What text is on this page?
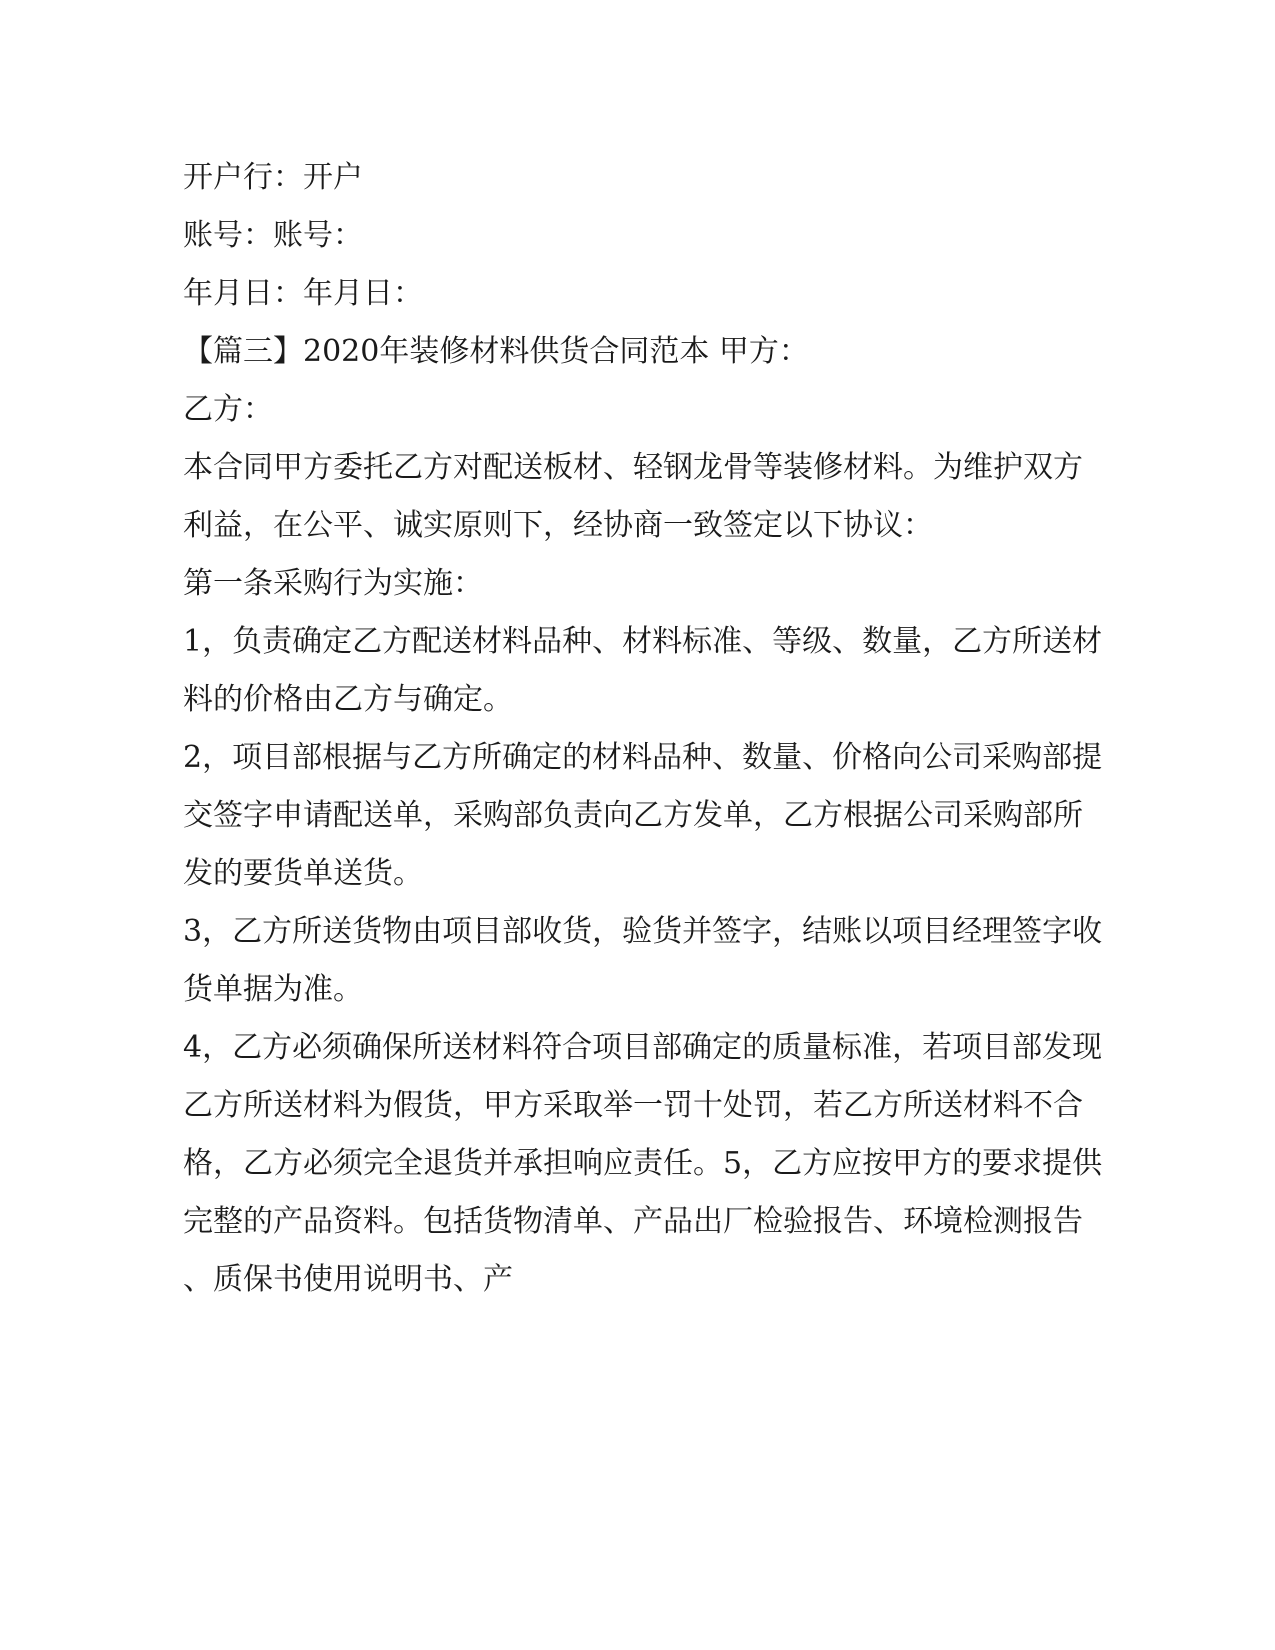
开户行：开户

账号：账号：

年月日：年月日：

【篇三】2020年装修材料供货合同范本 甲方：

乙方：

本合同甲方委托乙方对配送板材、轻钢龙骨等装修材料。为维护双方

利益，在公平、诚实原则下，经协商一致签定以下协议：

第一条采购行为实施：

1，负责确定乙方配送材料品种、材料标准、等级、数量，乙方所送材

料的价格由乙方与确定。

2，项目部根据与乙方所确定的材料品种、数量、价格向公司采购部提

交签字申请配送单，采购部负责向乙方发单，乙方根据公司采购部所

发的要货单送货。

3，乙方所送货物由项目部收货，验货并签字，结账以项目经理签字收

货单据为准。

4，乙方必须确保所送材料符合项目部确定的质量标准，若项目部发现

乙方所送材料为假货，甲方采取举一罚十处罚，若乙方所送材料不合

格，乙方必须完全退货并承担响应责任。5，乙方应按甲方的要求提供

完整的产品资料。包括货物清单、产品出厂检验报告、环境检测报告

、质保书使用说明书、产
